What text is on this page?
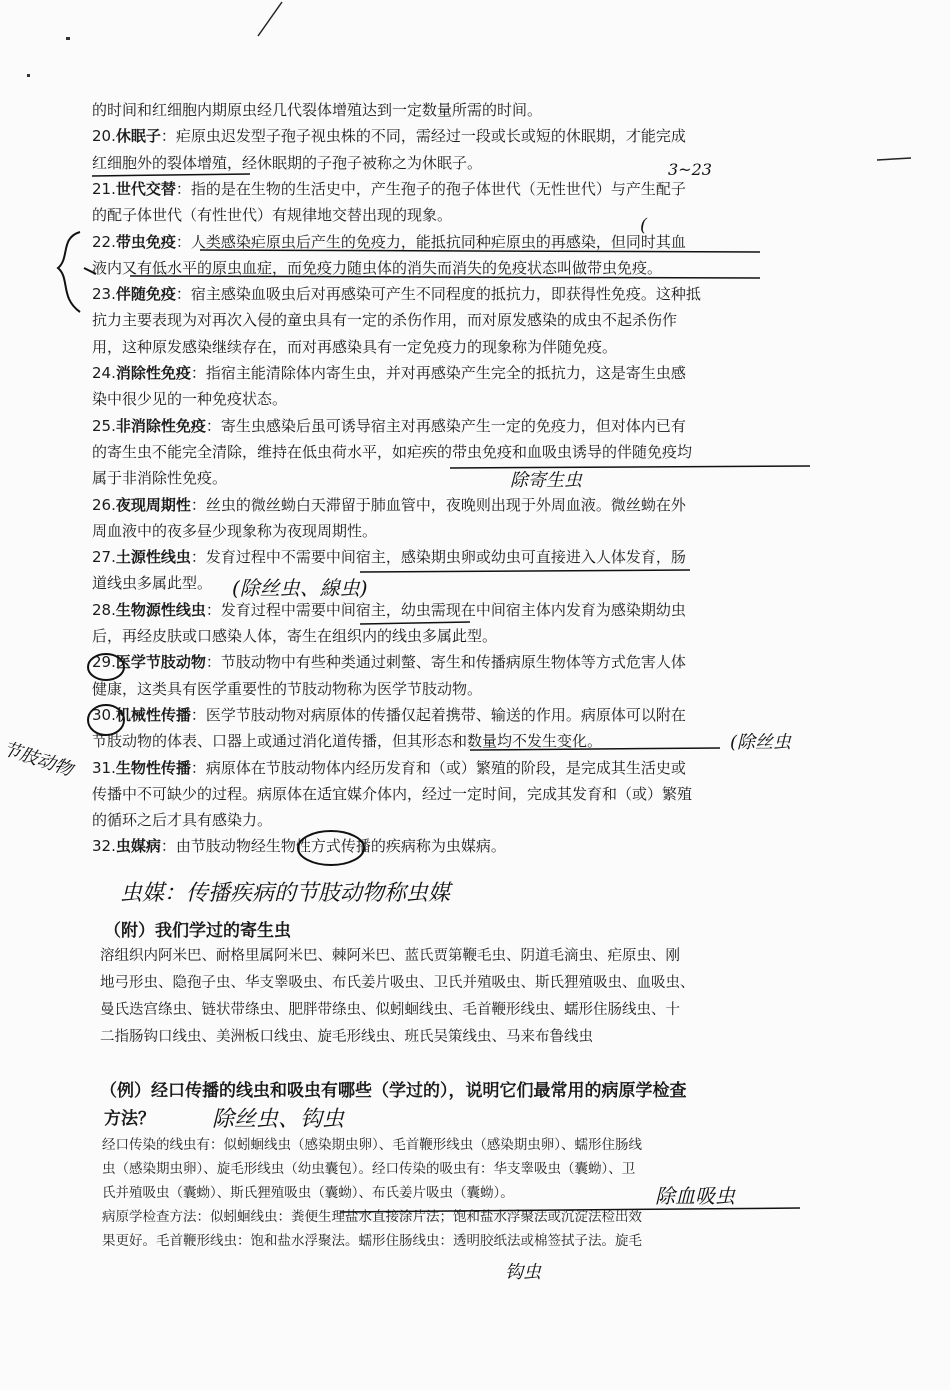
的时间和红细胞内期原虫经几代裂体增殖达到一定数量所需的时间。
20.休眠子：疟原虫迟发型子孢子视虫株的不同，需经过一段或长或短的休眠期，才能完成
红细胞外的裂体增殖，经休眠期的子孢子被称之为休眠子。
21.世代交替：指的是在生物的生活史中，产生孢子的孢子体世代（无性世代）与产生配子
的配子体世代（有性世代）有规律地交替出现的现象。
22.带虫免疫：人类感染疟原虫后产生的免疫力，能抵抗同种疟原虫的再感染，但同时其血
液内又有低水平的原虫血症，而免疫力随虫体的消失而消失的免疫状态叫做带虫免疫。
23.伴随免疫：宿主感染血吸虫后对再感染可产生不同程度的抵抗力，即获得性免疫。这种抵
抗力主要表现为对再次入侵的童虫具有一定的杀伤作用，而对原发感染的成虫不起杀伤作
用，这种原发感染继续存在，而对再感染具有一定免疫力的现象称为伴随免疫。
24.消除性免疫：指宿主能清除体内寄生虫，并对再感染产生完全的抵抗力，这是寄生虫感
染中很少见的一种免疫状态。
25.非消除性免疫：寄生虫感染后虽可诱导宿主对再感染产生一定的免疫力，但对体内已有
的寄生虫不能完全清除，维持在低虫荷水平，如疟疾的带虫免疫和血吸虫诱导的伴随免疫均
属于非消除性免疫。
26.夜现周期性：丝虫的微丝蚴白天滞留于肺血管中，夜晚则出现于外周血液。微丝蚴在外
周血液中的夜多昼少现象称为夜现周期性。
27.土源性线虫：发育过程中不需要中间宿主，感染期虫卵或幼虫可直接进入人体发育，肠
道线虫多属此型。
28.生物源性线虫：发育过程中需要中间宿主，幼虫需现在中间宿主体内发育为感染期幼虫
后，再经皮肤或口感染人体，寄生在组织内的线虫多属此型。
29.医学节肢动物：节肢动物中有些种类通过刺螫、寄生和传播病原生物体等方式危害人体
健康，这类具有医学重要性的节肢动物称为医学节肢动物。
30.机械性传播：医学节肢动物对病原体的传播仅起着携带、输送的作用。病原体可以附在
节肢动物的体表、口器上或通过消化道传播，但其形态和数量均不发生变化。
31.生物性传播：病原体在节肢动物体内经历发育和（或）繁殖的阶段，是完成其生活史或
传播中不可缺少的过程。病原体在适宜媒介体内，经过一定时间，完成其发育和（或）繁殖
的循环之后才具有感染力。
32.虫媒病：由节肢动物经生物性方式传播的疾病称为虫媒病。
3~23
(
除寄生虫
(除丝虫、線虫)
节肢动物	(除丝虫
虫媒：传播疾病的节肢动物称虫媒
（附）我们学过的寄生虫
溶组织内阿米巴、耐格里属阿米巴、棘阿米巴、蓝氏贾第鞭毛虫、阴道毛滴虫、疟原虫、刚
地弓形虫、隐孢子虫、华支睾吸虫、布氏姜片吸虫、卫氏并殖吸虫、斯氏狸殖吸虫、血吸虫、
曼氏迭宫绦虫、链状带绦虫、肥胖带绦虫、似蚓蛔线虫、毛首鞭形线虫、蠕形住肠线虫、十
二指肠钩口线虫、美洲板口线虫、旋毛形线虫、班氏吴策线虫、马来布鲁线虫
（例）经口传播的线虫和吸虫有哪些（学过的），说明它们最常用的病原学检查
方法？	除丝虫、钩虫
经口传染的线虫有：似蚓蛔线虫（感染期虫卵）、毛首鞭形线虫（感染期虫卵）、蠕形住肠线
虫（感染期虫卵）、旋毛形线虫（幼虫囊包）。经口传染的吸虫有：华支睾吸虫（囊蚴）、卫
氏并殖吸虫（囊蚴）、斯氏狸殖吸虫（囊蚴）、布氏姜片吸虫（囊蚴）。
病原学检查方法：似蚓蛔线虫：粪便生理盐水直接涂片法；饱和盐水浮聚法或沉淀法检出效
果更好。毛首鞭形线虫：饱和盐水浮聚法。蠕形住肠线虫：透明胶纸法或棉签拭子法。旋毛
除血吸虫
钩虫
